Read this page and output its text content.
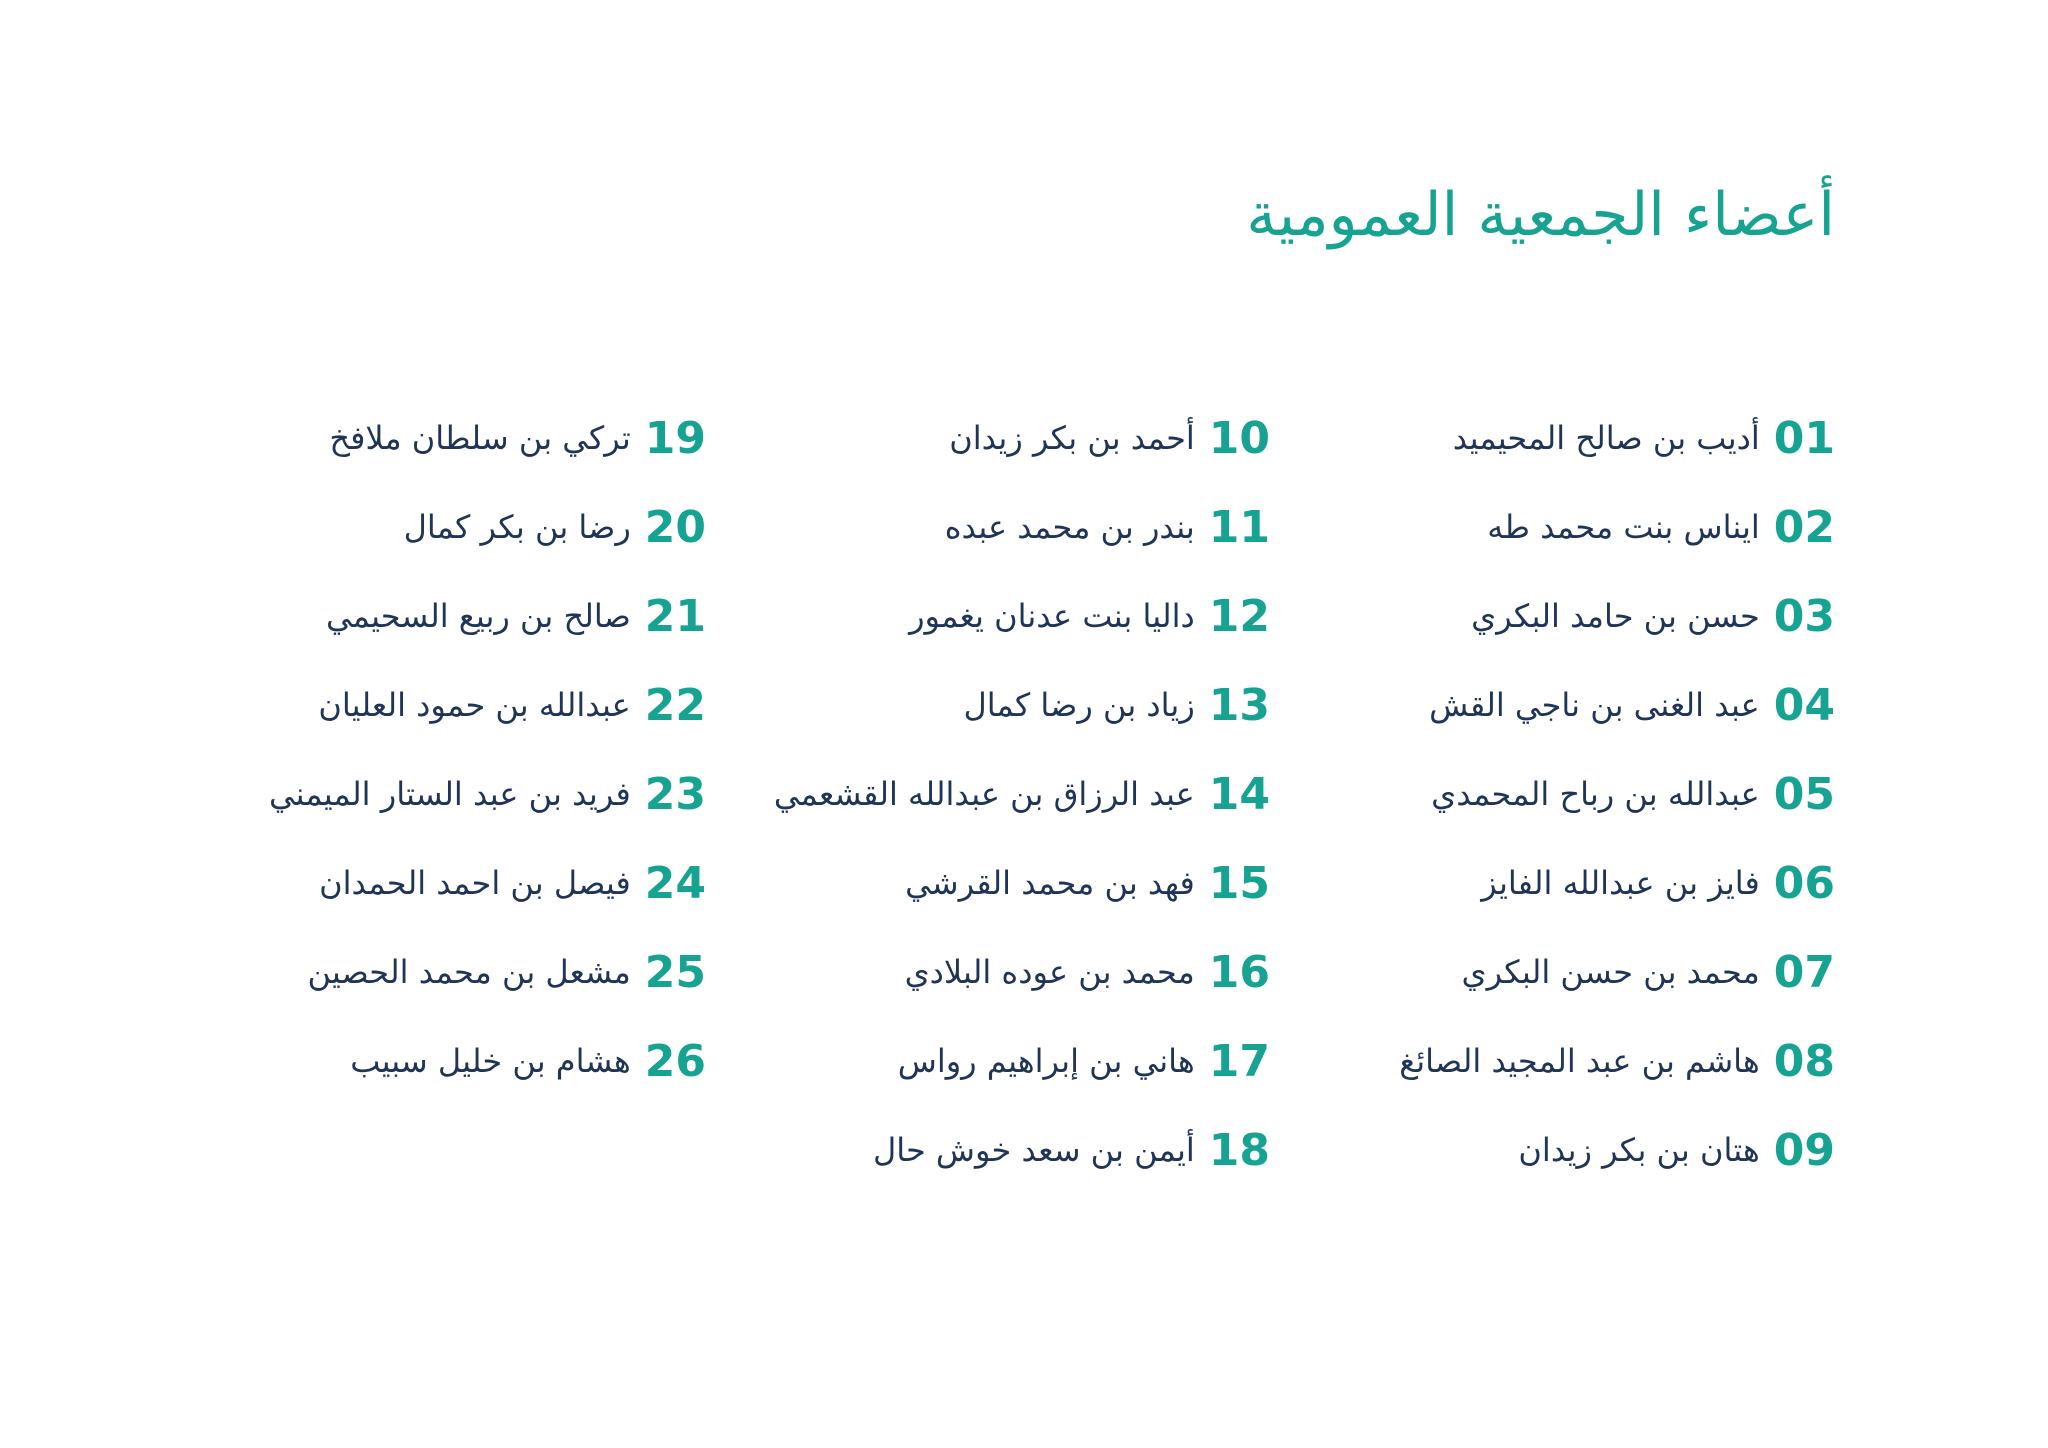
أعضاء الجمعية العمومية
01
أديب بن صالح المحيميد
02
ايناس بنت محمد طه
03
حسن بن حامد البكري
04
عبد الغنى بن ناجي القش
05
عبدالله بن رباح المحمدي
06
فايز بن عبدالله الفايز
07
محمد بن حسن البكري
08
هاشم بن عبد المجيد الصائغ
09
هتان بن بكر زيدان
10
أحمد بن بكر زيدان
11
بندر بن محمد عبده
12
داليا بنت عدنان يغمور
13
زياد بن رضا كمال
14
عبد الرزاق بن عبدالله القشعمي
15
فهد بن محمد القرشي
16
محمد بن عوده البلادي
17
هاني بن إبراهيم رواس
18
أيمن بن سعد خوش حال
19
تركي بن سلطان ملافخ
20
رضا بن بكر كمال
21
صالح بن ربيع السحيمي
22
عبدالله بن حمود العليان
23
فريد بن عبد الستار الميمني
24
فيصل بن احمد الحمدان
25
مشعل بن محمد الحصين
26
هشام بن خليل سبيب
